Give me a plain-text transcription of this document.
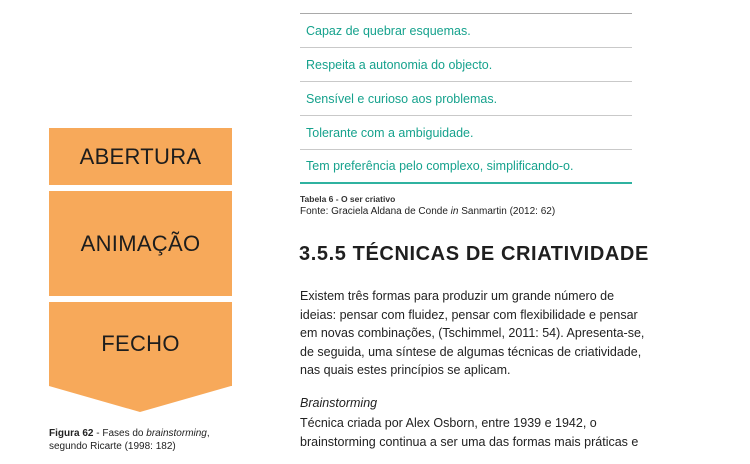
ABERTURA
ANIMAÇÃO
FECHO
Figura 62 - Fases do brainstorming,
segundo Ricarte (1998: 182)
Capaz de quebrar esquemas.
Respeita a autonomia do objecto.
Sensível e curioso aos problemas.
Tolerante com a ambiguidade.
Tem preferência pelo complexo, simplificando-o.
Tabela 6 - O ser criativo
Fonte: Graciela Aldana de Conde in Sanmartin (2012: 62)
3.5.5 TÉCNICAS DE CRIATIVIDADE
Existem três formas para produzir um grande número de
ideias: pensar com fluidez, pensar com flexibilidade e pensar
em novas combinações, (Tschimmel, 2011: 54). Apresenta-se,
de seguida, uma síntese de algumas técnicas de criatividade,
nas quais estes princípios se aplicam.
Brainstorming
Técnica criada por Alex Osborn, entre 1939 e 1942, o
brainstorming continua a ser uma das formas mais práticas e
